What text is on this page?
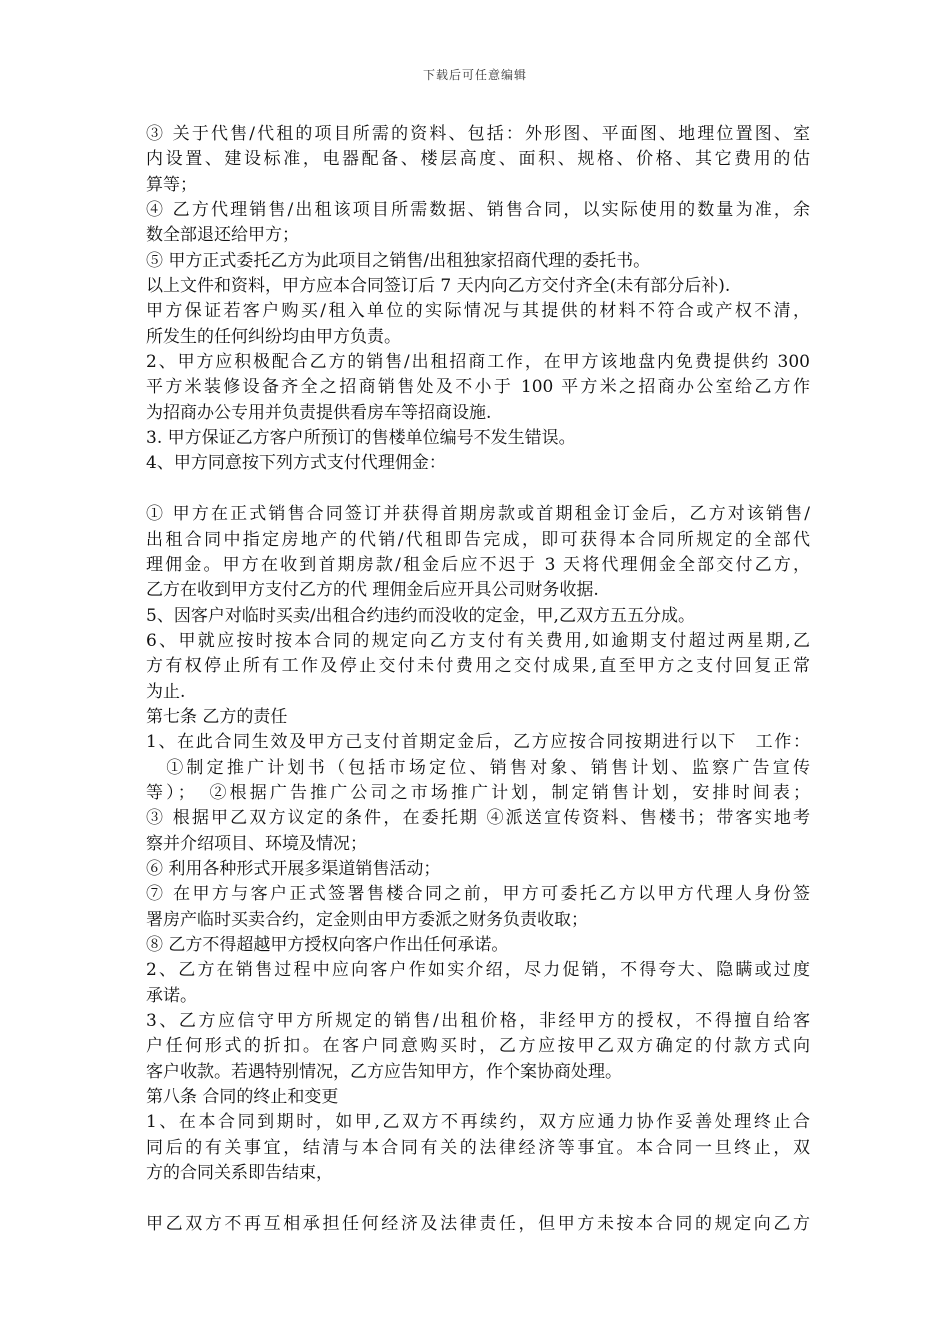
下载后可任意编辑
③ 关于代售/代租的项目所需的资料、包括：外形图、平面图、地理位置图、室
内设置、建设标准，电器配备、楼层高度、面积、规格、价格、其它费用的估
算等；
④ 乙方代理销售/出租该项目所需数据、销售合同，以实际使用的数量为准，余
数全部退还给甲方；
⑤ 甲方正式委托乙方为此项目之销售/出租独家招商代理的委托书。
以上文件和资料，甲方应本合同签订后 7 天内向乙方交付齐全(未有部分后补).
甲方保证若客户购买/租入单位的实际情况与其提供的材料不符合或产权不清，
所发生的任何纠纷均由甲方负责。
2、甲方应积极配合乙方的销售/出租招商工作，在甲方该地盘内免费提供约 300
平方米装修设备齐全之招商销售处及不小于 100 平方米之招商办公室给乙方作
为招商办公专用并负责提供看房车等招商设施.
3. 甲方保证乙方客户所预订的售楼单位编号不发生错误。
4、甲方同意按下列方式支付代理佣金：
① 甲方在正式销售合同签订并获得首期房款或首期租金订金后，乙方对该销售/
出租合同中指定房地产的代销/代租即告完成，即可获得本合同所规定的全部代
理佣金。甲方在收到首期房款/租金后应不迟于 3 天将代理佣金全部交付乙方，
乙方在收到甲方支付乙方的代 理佣金后应开具公司财务收据.
5、因客户对临时买卖/出租合约违约而没收的定金，甲,乙双方五五分成。
6、甲就应按时按本合同的规定向乙方支付有关费用,如逾期支付超过两星期,乙
方有权停止所有工作及停止交付未付费用之交付成果,直至甲方之支付回复正常
为止.
第七条 乙方的责任
1、在此合同生效及甲方己支付首期定金后，乙方应按合同按期进行以下　工作：
　①制定推广计划书（包括市场定位、销售对象、销售计划、监察广告宣传
等）；　②根据广告推广公司之市场推广计划，制定销售计划，安排时间表；
③ 根据甲乙双方议定的条件，在委托期 ④派送宣传资料、售楼书；带客实地考
察并介绍项目、环境及情况；
⑥ 利用各种形式开展多渠道销售活动；
⑦ 在甲方与客户正式签署售楼合同之前，甲方可委托乙方以甲方代理人身份签
署房产临时买卖合约，定金则由甲方委派之财务负责收取；
⑧ 乙方不得超越甲方授权向客户作出任何承诺。
2、乙方在销售过程中应向客户作如实介绍，尽力促销，不得夸大、隐瞒或过度
承诺。
3、乙方应信守甲方所规定的销售/出租价格，非经甲方的授权，不得擅自给客
户任何形式的折扣。在客户同意购买时，乙方应按甲乙双方确定的付款方式向
客户收款。若遇特别情况，乙方应告知甲方，作个案协商处理。
第八条 合同的终止和变更
1、在本合同到期时，如甲,乙双方不再续约，双方应通力协作妥善处理终止合
同后的有关事宜，结清与本合同有关的法律经济等事宜。本合同一旦终止，双
方的合同关系即告结束，
甲乙双方不再互相承担任何经济及法律责任，但甲方未按本合同的规定向乙方
